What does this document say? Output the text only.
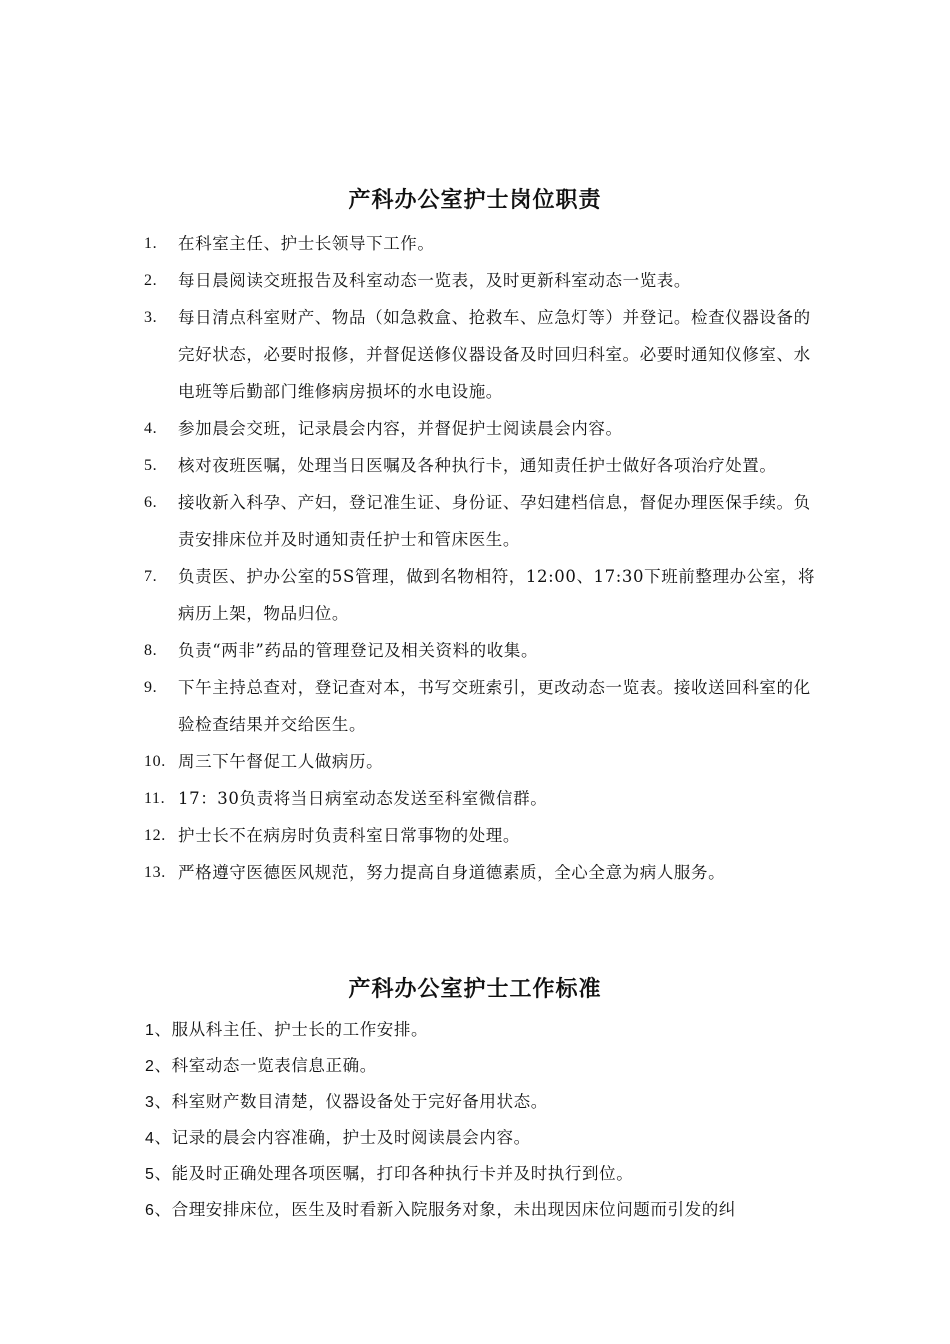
产科办公室护士岗位职责
1. 在科室主任、护士长领导下工作。
2. 每日晨阅读交班报告及科室动态一览表，及时更新科室动态一览表。
3. 每日清点科室财产、物品（如急救盒、抢救车、应急灯等）并登记。检查仪器设备的完好状态，必要时报修，并督促送修仪器设备及时回归科室。必要时通知仪修室、水电班等后勤部门维修病房损坏的水电设施。
4. 参加晨会交班，记录晨会内容，并督促护士阅读晨会内容。
5. 核对夜班医嘱，处理当日医嘱及各种执行卡，通知责任护士做好各项治疗处置。
6. 接收新入科孕、产妇，登记准生证、身份证、孕妇建档信息，督促办理医保手续。负责安排床位并及时通知责任护士和管床医生。
7. 负责医、护办公室的5S管理，做到名物相符，12:00、17:30下班前整理办公室，将病历上架，物品归位。
8. 负责“两非”药品的管理登记及相关资料的收集。
9. 下午主持总查对，登记查对本，书写交班索引，更改动态一览表。接收送回科室的化验检查结果并交给医生。
10. 周三下午督促工人做病历。
11. 17：30负责将当日病室动态发送至科室微信群。
12. 护士长不在病房时负责科室日常事物的处理。
13. 严格遵守医德医风规范，努力提高自身道德素质，全心全意为病人服务。
产科办公室护士工作标准
1、服从科主任、护士长的工作安排。
2、科室动态一览表信息正确。
3、科室财产数目清楚，仪器设备处于完好备用状态。
4、记录的晨会内容准确，护士及时阅读晨会内容。
5、能及时正确处理各项医嘱，打印各种执行卡并及时执行到位。
6、合理安排床位，医生及时看新入院服务对象，未出现因床位问题而引发的纠
